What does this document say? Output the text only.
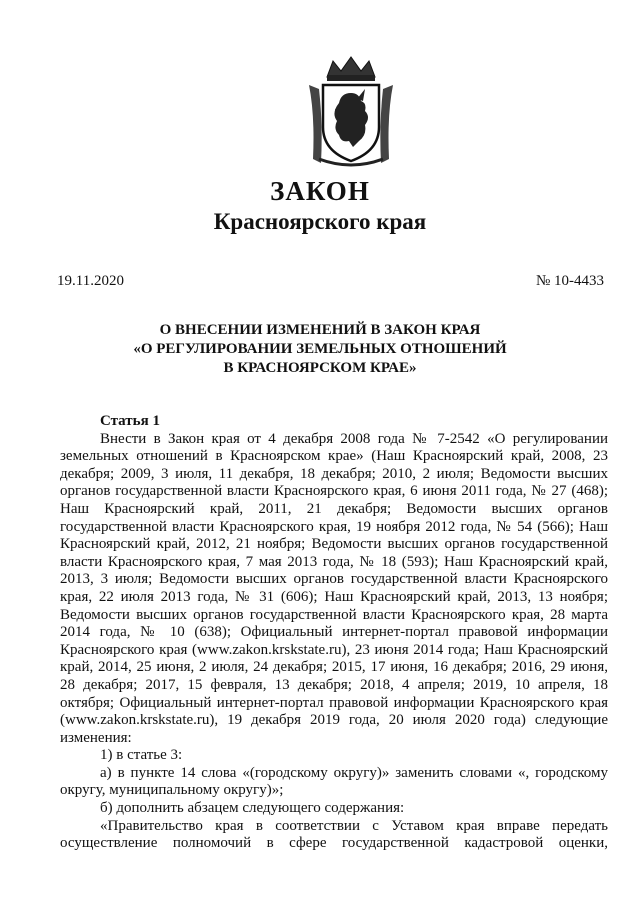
ЗАКОН
Красноярского края
19.11.2020	№ 10-4433
О ВНЕСЕНИИ ИЗМЕНЕНИЙ В ЗАКОН КРАЯ
«О РЕГУЛИРОВАНИИ ЗЕМЕЛЬНЫХ ОТНОШЕНИЙ
В КРАСНОЯРСКОМ КРАЕ»
Статья 1

Внести в Закон края от 4 декабря 2008 года № 7-2542 «О регулировании земельных отношений в Красноярском крае» (Наш Красноярский край, 2008, 23 декабря; 2009, 3 июля, 11 декабря, 18 декабря; 2010, 2 июля; Ведомости высших органов государственной власти Красноярского края, 6 июня 2011 года, № 27 (468); Наш Красноярский край, 2011, 21 декабря; Ведомости высших органов государственной власти Красноярского края, 19 ноября 2012 года, № 54 (566); Наш Красноярский край, 2012, 21 ноября; Ведомости высших органов государственной власти Красноярского края, 7 мая 2013 года, № 18 (593); Наш Красноярский край, 2013, 3 июля; Ведомости высших органов государственной власти Красноярского края, 22 июля 2013 года, № 31 (606); Наш Красноярский край, 2013, 13 ноября; Ведомости высших органов государственной власти Красноярского края, 28 марта 2014 года, № 10 (638); Официальный интернет-портал правовой информации Красноярского края (www.zakon.krskstate.ru), 23 июня 2014 года; Наш Красноярский край, 2014, 25 июня, 2 июля, 24 декабря; 2015, 17 июня, 16 декабря; 2016, 29 июня, 28 декабря; 2017, 15 февраля, 13 декабря; 2018, 4 апреля; 2019, 10 апреля, 18 октября; Официальный интернет-портал правовой информации Красноярского края (www.zakon.krskstate.ru), 19 декабря 2019 года, 20 июля 2020 года) следующие изменения:

1) в статье 3:

а) в пункте 14 слова «(городскому округу)» заменить словами «, городскому округу, муниципальному округу)»;

б) дополнить абзацем следующего содержания:

«Правительство края в соответствии с Уставом края вправе передать осуществление полномочий в сфере государственной кадастровой оценки,
